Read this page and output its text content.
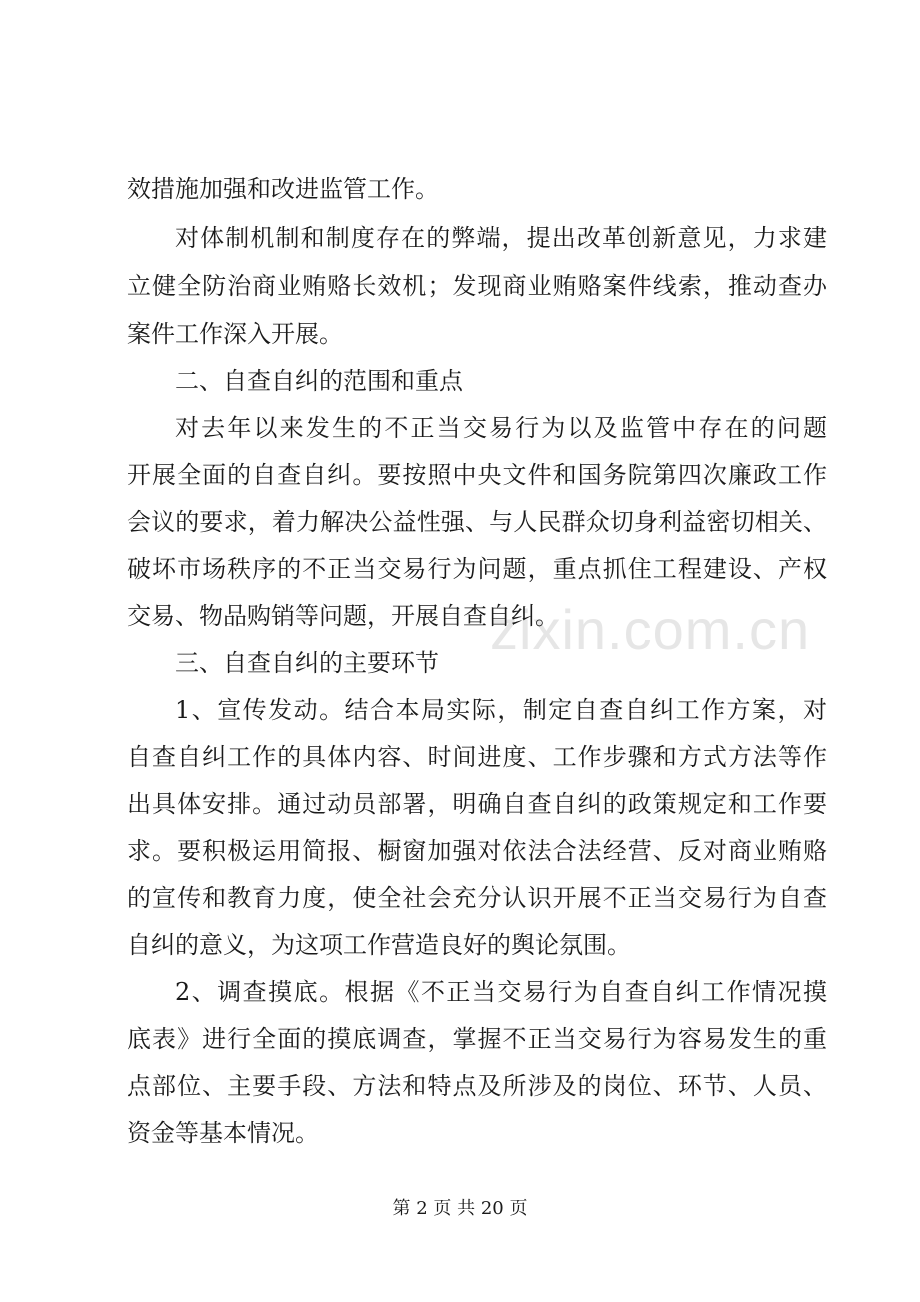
zixin.com.cn
效措施加强和改进监管工作。
对体制机制和制度存在的弊端，提出改革创新意见，力求建
立健全防治商业贿赂长效机；发现商业贿赂案件线索，推动查办
案件工作深入开展。
二、自查自纠的范围和重点
对去年以来发生的不正当交易行为以及监管中存在的问题
开展全面的自查自纠。要按照中央文件和国务院第四次廉政工作
会议的要求，着力解决公益性强、与人民群众切身利益密切相关、
破坏市场秩序的不正当交易行为问题，重点抓住工程建设、产权
交易、物品购销等问题，开展自查自纠。
三、自查自纠的主要环节
1、宣传发动。结合本局实际，制定自查自纠工作方案，对
自查自纠工作的具体内容、时间进度、工作步骤和方式方法等作
出具体安排。通过动员部署，明确自查自纠的政策规定和工作要
求。要积极运用简报、橱窗加强对依法合法经营、反对商业贿赂
的宣传和教育力度，使全社会充分认识开展不正当交易行为自查
自纠的意义，为这项工作营造良好的舆论氛围。
2、调查摸底。根据《不正当交易行为自查自纠工作情况摸
底表》进行全面的摸底调查，掌握不正当交易行为容易发生的重
点部位、主要手段、方法和特点及所涉及的岗位、环节、人员、
资金等基本情况。
第 2 页 共 20 页
